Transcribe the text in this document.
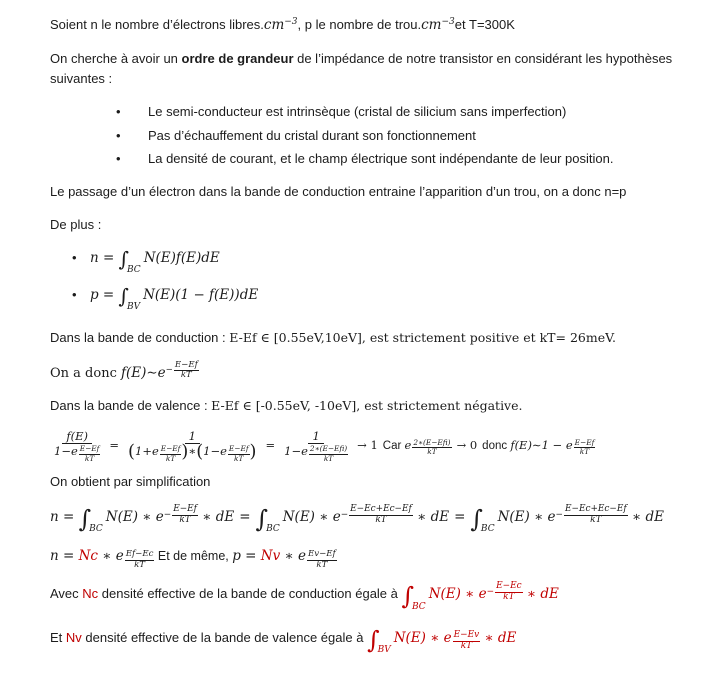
Soient n le nombre d’électrons $libres.cm^{-3}$, p le nombre de $trou.cm^{-3}et$ T=300K

On cherche à avoir un ordre de grandeur de l’impédance de notre transistor en considérant les hypothèses suivantes :

• Le semi-conducteur est intrinsèque (cristal de silicium sans imperfection)
• Pas d’échauffement du cristal durant son fonctionnement
• La densité de courant, et le champ électrique sont indépendante de leur position.

Le passage d’un électron dans la bande de conduction entraine l’apparition d’un trou, on a donc n=p

De plus :

• $n = \int_{BC}N(E)f(E)dE$
• $p = \int_{BV}N(E)(1 - f(E))dE$

Dans la bande de conduction : E-Ef ∈ [0.55eV,10eV], est strictement positive et kT= 26meV.

On a donc f(E)∼e − $\frac{E-Ef}{kT}$

Dans la bande de valence : E-Ef ∈ [-0.55eV, -10eV], est strictement négative.

f(E)
$1-e \frac{E-Ef}{kT}$
=
1
($1+e \frac{E-Ef}{kT}$ )∗(1−e $\frac{E-Ef}{kT}$ ) =
1
1−e 2∗(E−Efi)
kT
→ 1 Car e 2∗(E−Efi)
kT → 0 donc f(E)∼1 − e $\frac{E-Ef}{kT}$

On obtient par simplification

$n = \int_{BC}N(E)$ ∗ $e - \frac{E-Ef}{kT}$ ∗ dE = $\int_{BC}N(E)$ ∗ $e - \frac{E-Ec+Ec-Ef}{kT}$ ∗ dE = $\int_{BC}N(E)$ ∗ $e - \frac{E-Ec+Ec-Ef}{kT}$ ∗ dE

n = Nc ∗ e $\frac{Ef-Ec}{kT}$ Et de même, p = Nv ∗ e $\frac{Ev-Ef}{kT}$

Avec Nc densité effective de la bande de conduction égale à $\int_{BC}N(E)$ ∗ $e - \frac{E-Ec}{kT}$ ∗ dE

Et Nv densité effective de la bande de valence égale à $\int_{BV}N(E)$ ∗ e $\frac{E-Ev}{kT}$ ∗ dE
